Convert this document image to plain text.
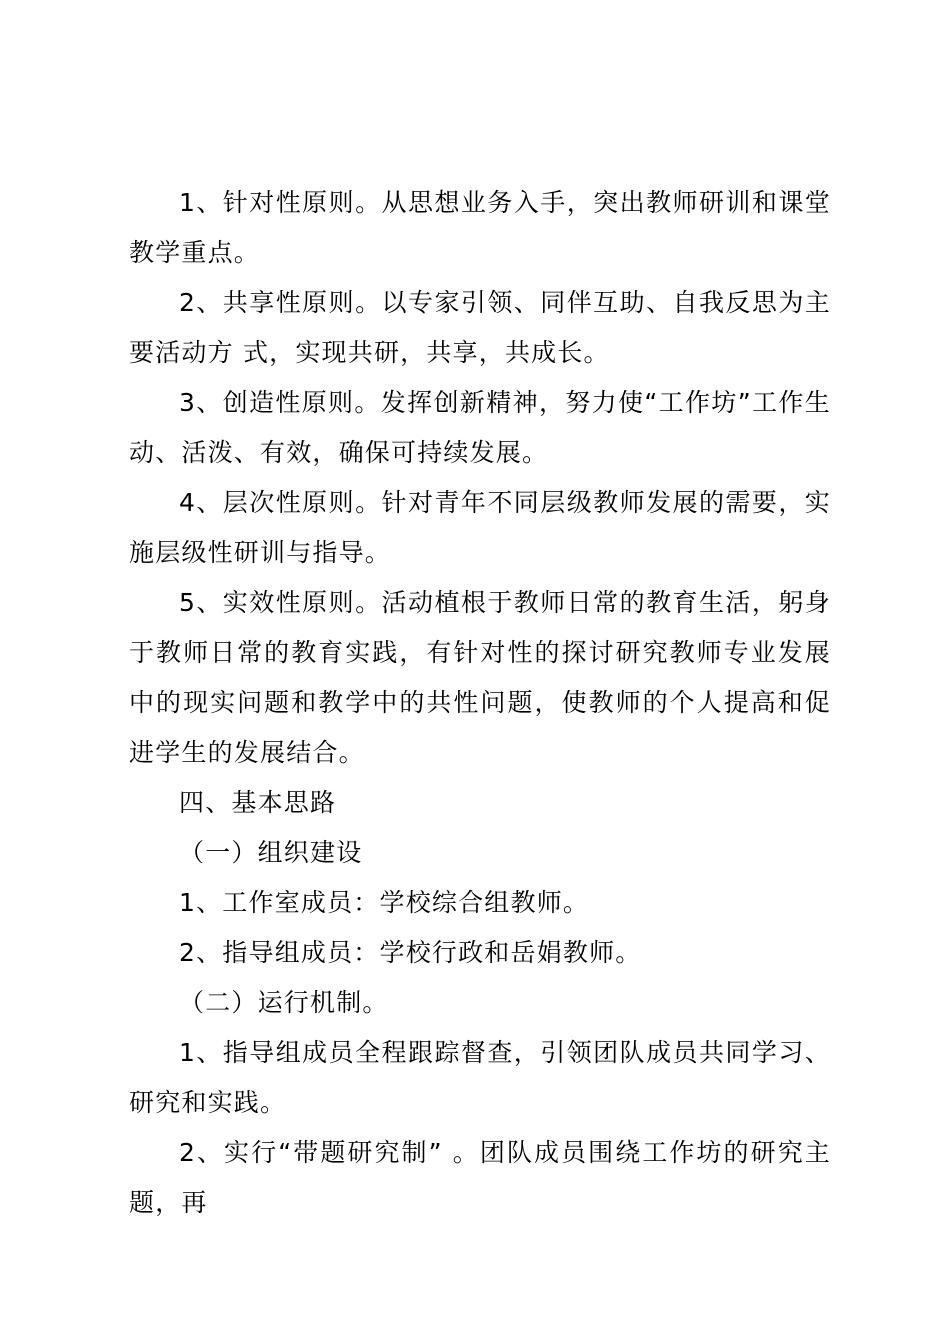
1、针对性原则。从思想业务入手，突出教师研训和课堂教学重点。

2、共享性原则。以专家引领、同伴互助、自我反思为主要活动方 式，实现共研，共享，共成长。

3、创造性原则。发挥创新精神，努力使“工作坊”工作生动、活泼、有效，确保可持续发展。

4、层次性原则。针对青年不同层级教师发展的需要，实施层级性研训与指导。

5、实效性原则。活动植根于教师日常的教育生活，躬身于教师日常的教育实践，有针对性的探讨研究教师专业发展中的现实问题和教学中的共性问题，使教师的个人提高和促进学生的发展结合。

四、基本思路

（一）组织建设

1、工作室成员：学校综合组教师。

2、指导组成员：学校行政和岳娟教师。

（二）运行机制。

1、指导组成员全程跟踪督查，引领团队成员共同学习、研究和实践。

2、实行“带题研究制” 。团队成员围绕工作坊的研究主题，再
